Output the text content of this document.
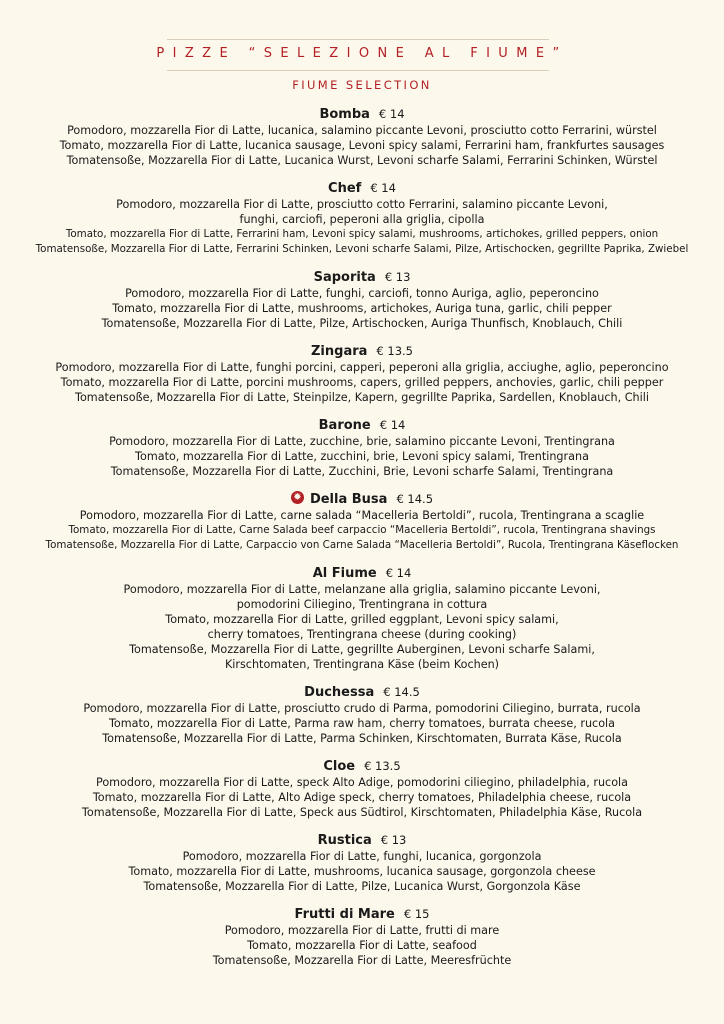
PIZZE “SELEZIONE AL FIUME”
FIUME SELECTION
Bomba € 14
Pomodoro, mozzarella Fior di Latte, lucanica, salamino piccante Levoni, prosciutto cotto Ferrarini, würstel
Tomato, mozzarella Fior di Latte, lucanica sausage, Levoni spicy salami, Ferrarini ham, frankfurtes sausages
Tomatensoße, Mozzarella Fior di Latte, Lucanica Wurst, Levoni scharfe Salami, Ferrarini Schinken, Würstel
Chef € 14
Pomodoro, mozzarella Fior di Latte, prosciutto cotto Ferrarini, salamino piccante Levoni,
funghi, carciofi, peperoni alla griglia, cipolla
Tomato, mozzarella Fior di Latte, Ferrarini ham, Levoni spicy salami, mushrooms, artichokes, grilled peppers, onion
Tomatensoße, Mozzarella Fior di Latte, Ferrarini Schinken, Levoni scharfe Salami, Pilze, Artischocken, gegrillte Paprika, Zwiebel
Saporita € 13
Pomodoro, mozzarella Fior di Latte, funghi, carciofi, tonno Auriga, aglio, peperoncino
Tomato, mozzarella Fior di Latte, mushrooms, artichokes, Auriga tuna, garlic, chili pepper
Tomatensoße, Mozzarella Fior di Latte, Pilze, Artischocken, Auriga Thunfisch, Knoblauch, Chili
Zingara € 13.5
Pomodoro, mozzarella Fior di Latte, funghi porcini, capperi, peperoni alla griglia, acciughe, aglio, peperoncino
Tomato, mozzarella Fior di Latte, porcini mushrooms, capers, grilled peppers, anchovies, garlic, chili pepper
Tomatensoße, Mozzarella Fior di Latte, Steinpilze, Kapern, gegrillte Paprika, Sardellen, Knoblauch, Chili
Barone € 14
Pomodoro, mozzarella Fior di Latte, zucchine, brie, salamino piccante Levoni, Trentingrana
Tomato, mozzarella Fior di Latte, zucchini, brie, Levoni spicy salami, Trentingrana
Tomatensoße, Mozzarella Fior di Latte, Zucchini, Brie, Levoni scharfe Salami, Trentingrana
✹Della Busa € 14.5
Pomodoro, mozzarella Fior di Latte, carne salada “Macelleria Bertoldi”, rucola, Trentingrana a scaglie
Tomato, mozzarella Fior di Latte, Carne Salada beef carpaccio “Macelleria Bertoldi”, rucola, Trentingrana shavings
Tomatensoße, Mozzarella Fior di Latte, Carpaccio von Carne Salada “Macelleria Bertoldi”, Rucola, Trentingrana Käseflocken
Al Fiume € 14
Pomodoro, mozzarella Fior di Latte, melanzane alla griglia, salamino piccante Levoni,
pomodorini Ciliegino, Trentingrana in cottura
Tomato, mozzarella Fior di Latte, grilled eggplant, Levoni spicy salami,
cherry tomatoes, Trentingrana cheese (during cooking)
Tomatensoße, Mozzarella Fior di Latte, gegrillte Auberginen, Levoni scharfe Salami,
Kirschtomaten, Trentingrana Käse (beim Kochen)
Duchessa € 14.5
Pomodoro, mozzarella Fior di Latte, prosciutto crudo di Parma, pomodorini Ciliegino, burrata, rucola
Tomato, mozzarella Fior di Latte, Parma raw ham, cherry tomatoes, burrata cheese, rucola
Tomatensoße, Mozzarella Fior di Latte, Parma Schinken, Kirschtomaten, Burrata Käse, Rucola
Cloe € 13.5
Pomodoro, mozzarella Fior di Latte, speck Alto Adige, pomodorini ciliegino, philadelphia, rucola
Tomato, mozzarella Fior di Latte, Alto Adige speck, cherry tomatoes, Philadelphia cheese, rucola
Tomatensoße, Mozzarella Fior di Latte, Speck aus Südtirol, Kirschtomaten, Philadelphia Käse, Rucola
Rustica € 13
Pomodoro, mozzarella Fior di Latte, funghi, lucanica, gorgonzola
Tomato, mozzarella Fior di Latte, mushrooms, lucanica sausage, gorgonzola cheese
Tomatensoße, Mozzarella Fior di Latte, Pilze, Lucanica Wurst, Gorgonzola Käse
Frutti di Mare € 15
Pomodoro, mozzarella Fior di Latte, frutti di mare
Tomato, mozzarella Fior di Latte, seafood
Tomatensoße, Mozzarella Fior di Latte, Meeresfrüchte
